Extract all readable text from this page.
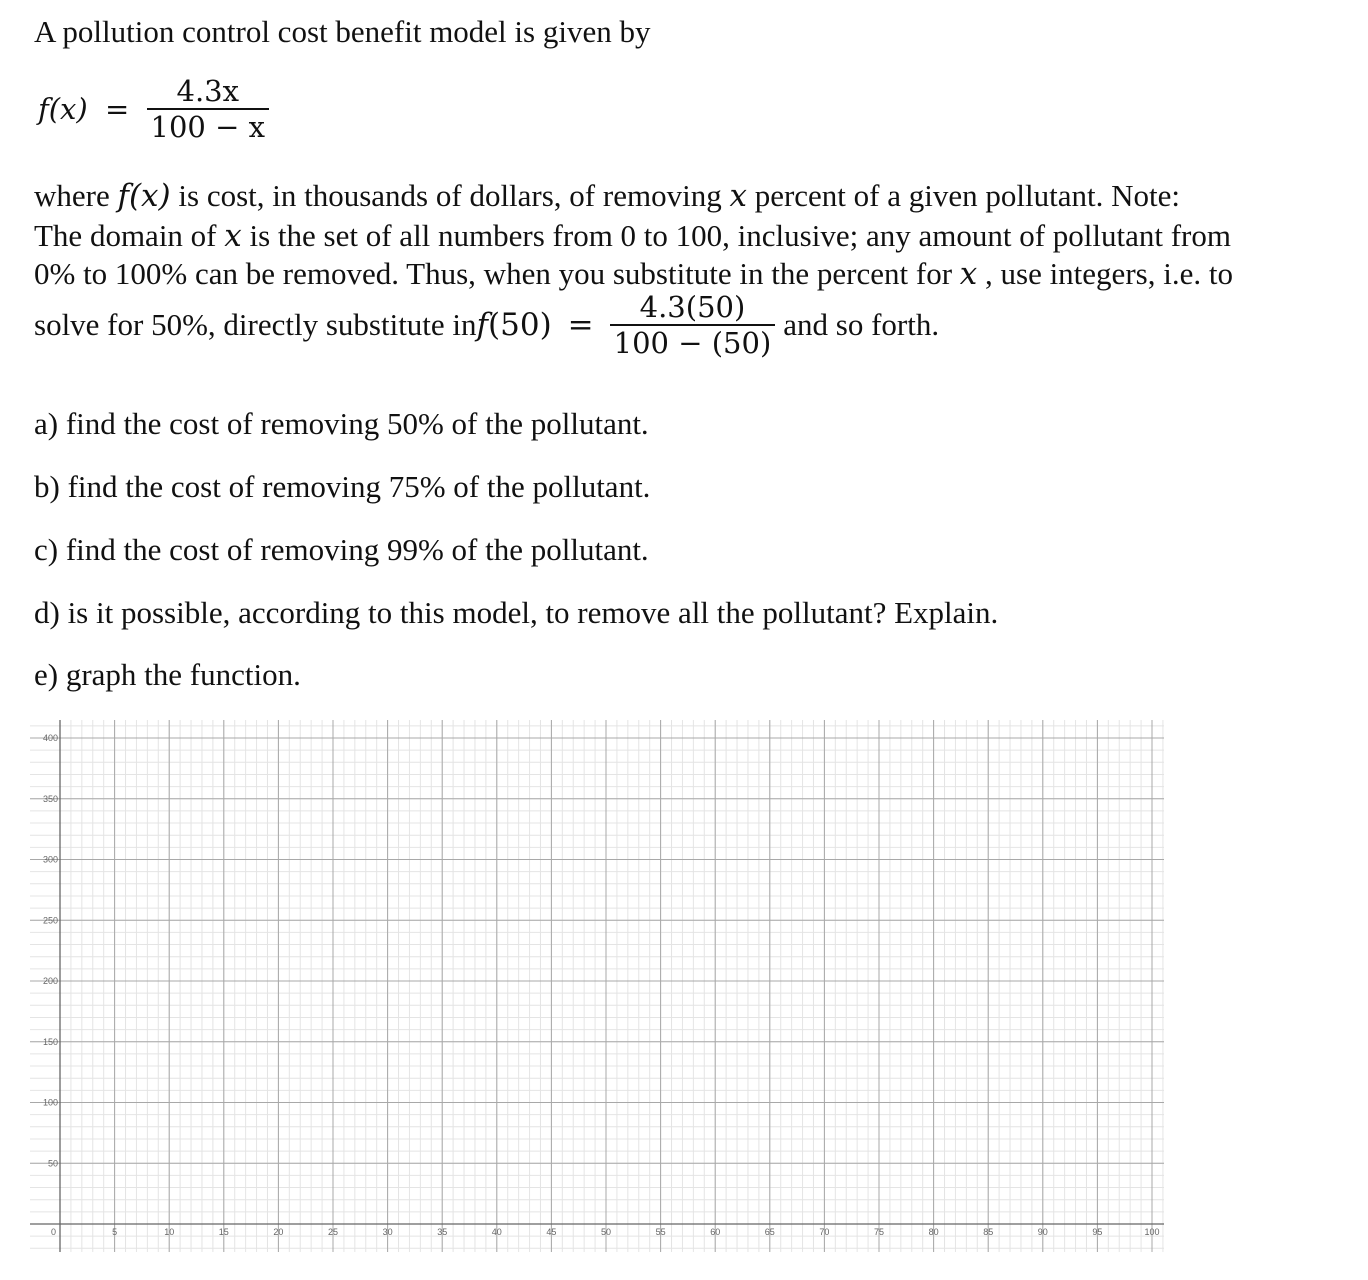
A pollution control cost benefit model is given by
$f(x) = \frac{4.3x}{100 - x}$
where f(x) is cost, in thousands of dollars, of removing x percent of a given pollutant. Note:
The domain of x is the set of all numbers from 0 to 100, inclusive; any amount of pollutant from
0% to 100% can be removed. Thus, when you substitute in the percent for x , use integers, i.e. to
solve for 50%, directly substitute $inf(50) = \frac{4.3(50)}{100 - (50)}$ and so forth.
a) find the cost of removing 50% of the pollutant.
b) find the cost of removing 75% of the pollutant.
c) find the cost of removing 99% of the pollutant.
d) is it possible, according to this model, to remove all the pollutant? Explain.
e) graph the function.
0	5	10	15	20	25	30	35	40	45	50	55	60	65	70	75	80	85	90	95	100
50
100
150
200
250
300
350
400
